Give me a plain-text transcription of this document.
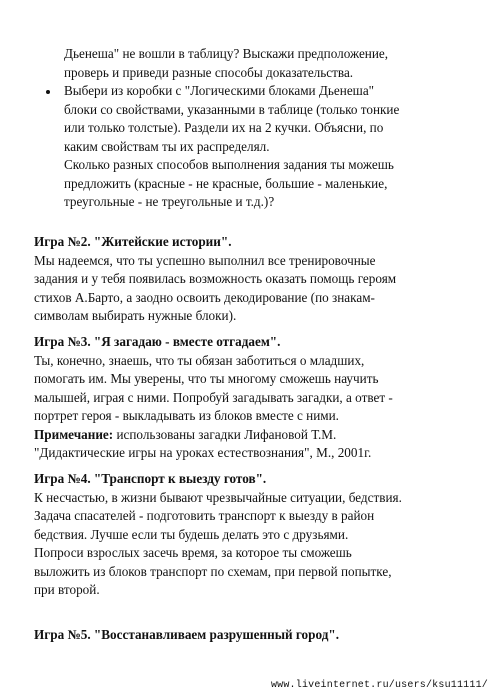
Дьенеша" не вошли в таблицу? Выскажи предположение,
проверь и приведи разные способы доказательства.
Выбери из коробки с "Логическими блоками Дьенеша"
блоки со свойствами, указанными в таблице (только тонкие
или только толстые). Раздели их на 2 кучки. Объясни, по
каким свойствам ты их распределял.
Сколько разных способов выполнения задания ты можешь
предложить (красные - не красные, большие - маленькие,
треугольные - не треугольные и т.д.)?
Игра №2. "Житейские истории".
Мы надеемся, что ты успешно выполнил все тренировочные
задания и у тебя появилась возможность оказать помощь героям
стихов А.Барто, а заодно освоить декодирование (по знакам-
символам выбирать нужные блоки).
Игра №3. "Я загадаю - вместе отгадаем".
Ты, конечно, знаешь, что ты обязан заботиться о младших,
помогать им. Мы уверены, что ты многому сможешь научить
малышей, играя с ними. Попробуй загадывать загадки, а ответ -
портрет героя - выкладывать из блоков вместе с ними.
Примечание: использованы загадки Лифановой Т.М.
"Дидактические игры на уроках естествознания", М., 2001г.
Игра №4. "Транспорт к выезду готов".
К несчастью, в жизни бывают чрезвычайные ситуации, бедствия.
Задача спасателей - подготовить транспорт к выезду в район
бедствия. Лучше если ты будешь делать это с друзьями.
Попроси взрослых засечь время, за которое ты сможешь
выложить из блоков транспорт по схемам, при первой попытке,
при второй.
Игра №5. "Восстанавливаем разрушенный город".
www.liveinternet.ru/users/ksu11111/
